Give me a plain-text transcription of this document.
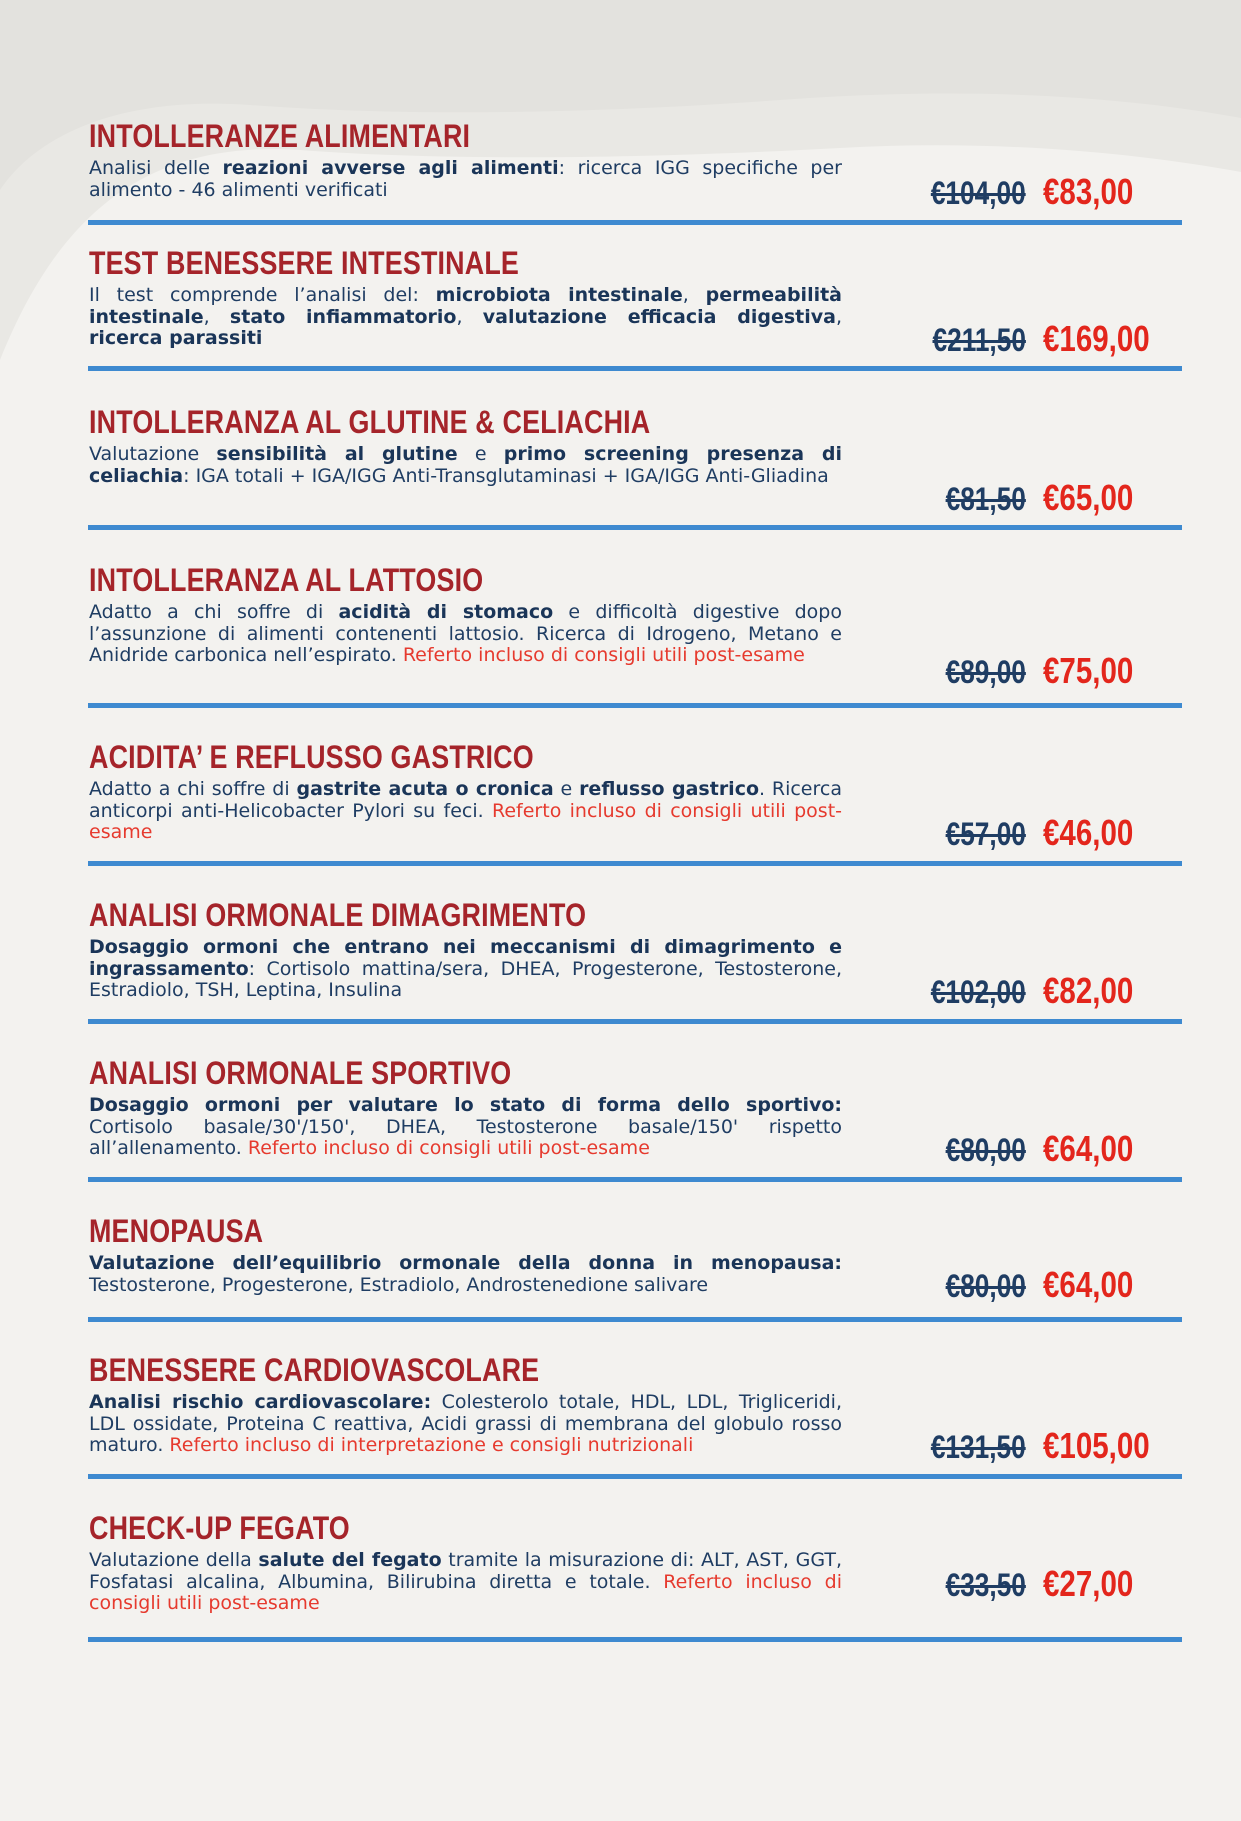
INTOLLERANZE ALIMENTARI

Analisi delle reazioni avverse agli alimenti: ricerca IGG specifiche per alimento - 46 alimenti verificati	€104,00 €83,00
TEST BENESSERE INTESTINALE

Il test comprende l’analisi del: microbiota intestinale, permeabilità intestinale, stato infiammatorio, valutazione efficacia digestiva, ricerca parassiti	€211,50 €169,00
INTOLLERANZA AL GLUTINE & CELIACHIA

Valutazione sensibilità al glutine e primo screening presenza di celiachia: IGA totali + IGA/IGG Anti-Transglutaminasi + IGA/IGG Anti-Gliadina

€81,50 €65,00
INTOLLERANZA AL LATTOSIO

Adatto a chi soffre di acidità di stomaco e difficoltà digestive dopo l’assunzione di alimenti contenenti lattosio. Ricerca di Idrogeno, Metano e Anidride carbonica nell’espirato. Referto incluso di consigli utili post-esame	€89,00 €75,00
ACIDITA’ E REFLUSSO GASTRICO

Adatto a chi soffre di gastrite acuta o cronica e reflusso gastrico. Ricerca anticorpi anti-Helicobacter Pylori su feci. Referto incluso di consigli utili post-esame	€57,00 €46,00
ANALISI ORMONALE DIMAGRIMENTO

Dosaggio ormoni che entrano nei meccanismi di dimagrimento e ingrassamento: Cortisolo mattina/sera, DHEA, Progesterone, Testosterone, Estradiolo, TSH, Leptina, Insulina	€102,00 €82,00
ANALISI ORMONALE SPORTIVO

Dosaggio ormoni per valutare lo stato di forma dello sportivo: Cortisolo basale/30'/150', DHEA, Testosterone basale/150' rispetto all’allenamento. Referto incluso di consigli utili post-esame	€80,00 €64,00
MENOPAUSA

Valutazione dell’equilibrio ormonale della donna in menopausa: Testosterone, Progesterone, Estradiolo, Androstenedione salivare	€80,00 €64,00
BENESSERE CARDIOVASCOLARE

Analisi rischio cardiovascolare: Colesterolo totale, HDL, LDL, Trigliceridi, LDL ossidate, Proteina C reattiva, Acidi grassi di membrana del globulo rosso maturo. Referto incluso di interpretazione e consigli nutrizionali	€131,50 €105,00
CHECK-UP FEGATO

Valutazione della salute del fegato tramite la misurazione di: ALT, AST, GGT, Fosfatasi alcalina, Albumina, Bilirubina diretta e totale. Referto incluso di consigli utili post-esame	€33,50 €27,00
